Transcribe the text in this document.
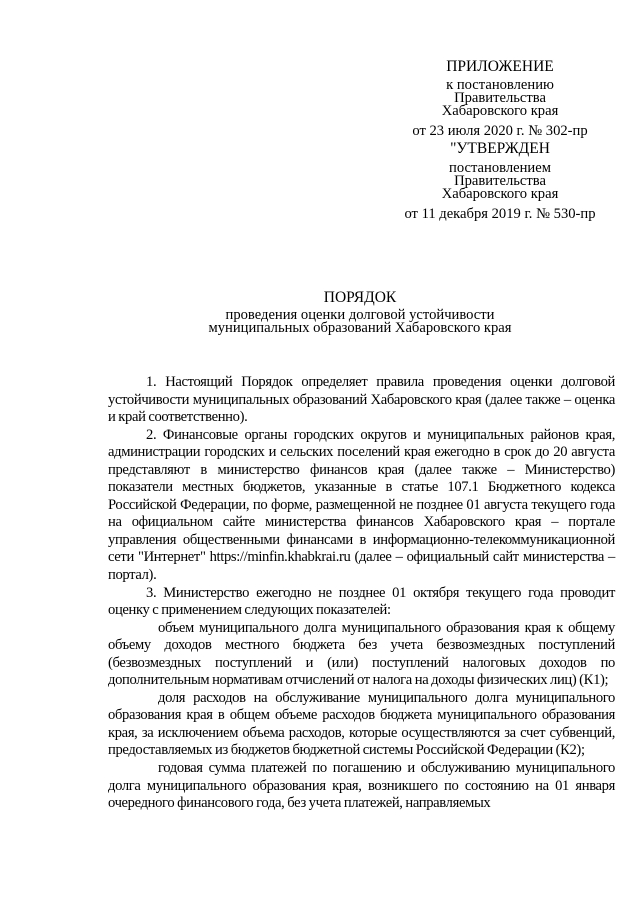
ПРИЛОЖЕНИЕ
к постановлению
Правительства
Хабаровского края
от 23 июля 2020 г. № 302-пр
"УТВЕРЖДЕН
постановлением
Правительства
Хабаровского края
от 11 декабря 2019 г. № 530-пр
ПОРЯДОК
проведения оценки долговой устойчивости
муниципальных образований Хабаровского края

1. Настоящий Порядок определяет правила проведения оценки долговой устойчивости муниципальных образований Хабаровского края (далее также – оценка и край соответственно).

2. Финансовые органы городских округов и муниципальных районов края, администрации городских и сельских поселений края ежегодно в срок до 20 августа представляют в министерство финансов края (далее также – Министерство) показатели местных бюджетов, указанные в статье 107.1 Бюджетного кодекса Российской Федерации, по форме, размещенной не позднее 01 августа текущего года на официальном сайте министерства финансов Хабаровского края – портале управления общественными финансами в информационно-телекоммуникационной сети "Интернет" https://minfin.khabkrai.ru (далее – официальный сайт министерства – портал).

3. Министерство ежегодно не позднее 01 октября текущего года проводит оценку с применением следующих показателей:

объем муниципального долга муниципального образования края к общему объему доходов местного бюджета без учета безвозмездных поступлений (безвозмездных поступлений и (или) поступлений налоговых доходов по дополнительным нормативам отчислений от налога на доходы физических лиц) (К1);

доля расходов на обслуживание муниципального долга муниципального образования края в общем объеме расходов бюджета муниципального образования края, за исключением объема расходов, которые осуществляются за счет субвенций, предоставляемых из бюджетов бюджетной системы Российской Федерации (К2);

годовая сумма платежей по погашению и обслуживанию муниципального долга муниципального образования края, возникшего по состоянию на 01 января очередного финансового года, без учета платежей, направляемых
